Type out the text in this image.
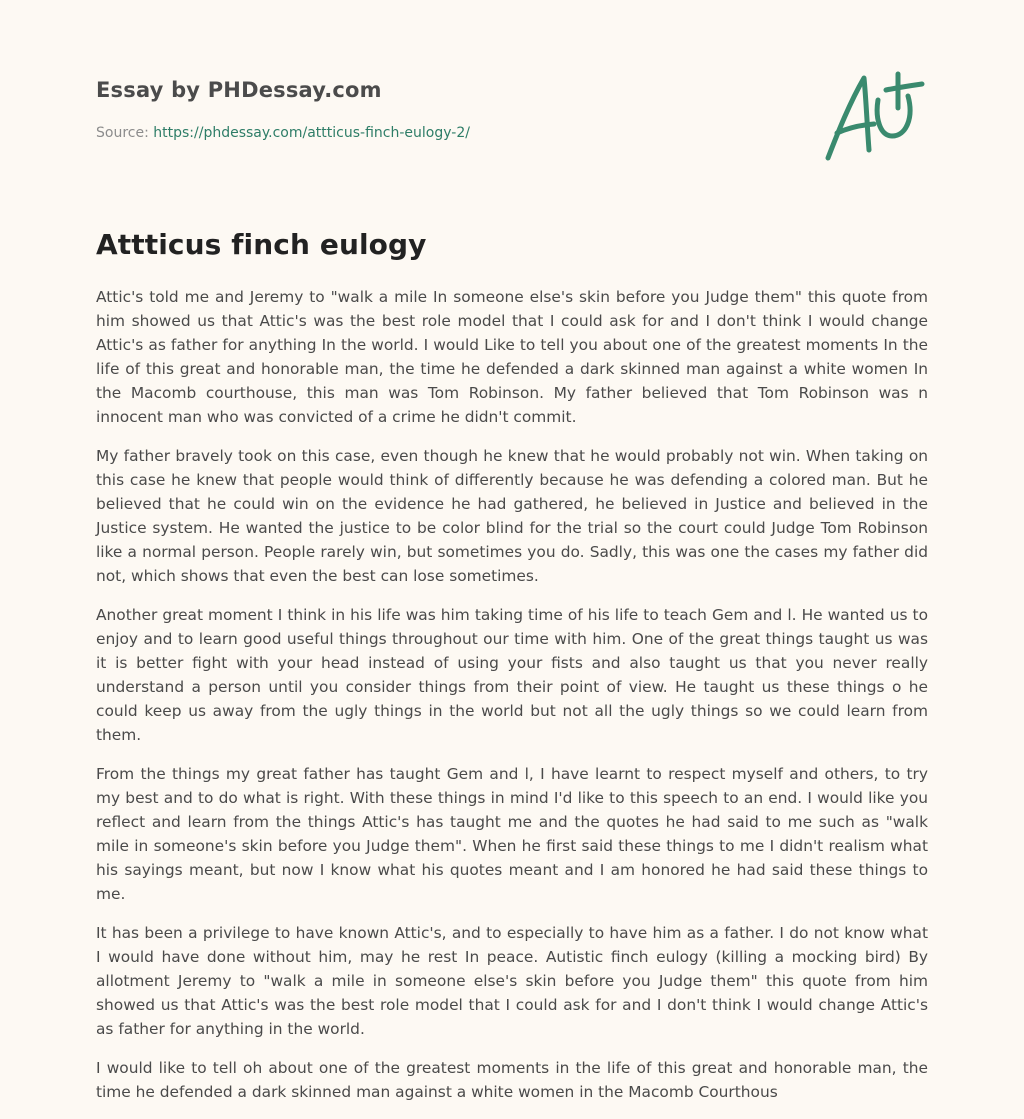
Essay by PHDessay.com
Source: https://phdessay.com/attticus-finch-eulogy-2/
Attticus finch eulogy

Attic's told me and Jeremy to "walk a mile In someone else's skin before you Judge them" this quote from him showed us that Attic's was the best role model that I could ask for and I don't think I would change Attic's as father for anything In the world. I would Like to tell you about one of the greatest moments In the life of this great and honorable man, the time he defended a dark skinned man against a white women In the Macomb courthouse, this man was Tom Robinson. My father believed that Tom Robinson was n innocent man who was convicted of a crime he didn't commit.

My father bravely took on this case, even though he knew that he would probably not win. When taking on this case he knew that people would think of differently because he was defending a colored man. But he believed that he could win on the evidence he had gathered, he believed in Justice and believed in the Justice system. He wanted the justice to be color blind for the trial so the court could Judge Tom Robinson like a normal person. People rarely win, but sometimes you do. Sadly, this was one the cases my father did not, which shows that even the best can lose sometimes.

Another great moment I think in his life was him taking time of his life to teach Gem and l. He wanted us to enjoy and to learn good useful things throughout our time with him. One of the great things taught us was it is better fight with your head instead of using your fists and also taught us that you never really understand a person until you consider things from their point of view. He taught us these things o he could keep us away from the ugly things in the world but not all the ugly things so we could learn from them.

From the things my great father has taught Gem and l, I have learnt to respect myself and others, to try my best and to do what is right. With these things in mind I'd like to this speech to an end. I would like you reflect and learn from the things Attic's has taught me and the quotes he had said to me such as "walk mile in someone's skin before you Judge them". When he first said these things to me I didn't realism what his sayings meant, but now I know what his quotes meant and I am honored he had said these things to me.

It has been a privilege to have known Attic's, and to especially to have him as a father. I do not know what I would have done without him, may he rest In peace. Autistic finch eulogy (killing a mocking bird) By allotment Jeremy to "walk a mile in someone else's skin before you Judge them" this quote from him showed us that Attic's was the best role model that I could ask for and I don't think I would change Attic's as father for anything in the world.

I would like to tell oh about one of the greatest moments in the life of this great and honorable man, the time he defended a dark skinned man against a white women in the Macomb Courthous
